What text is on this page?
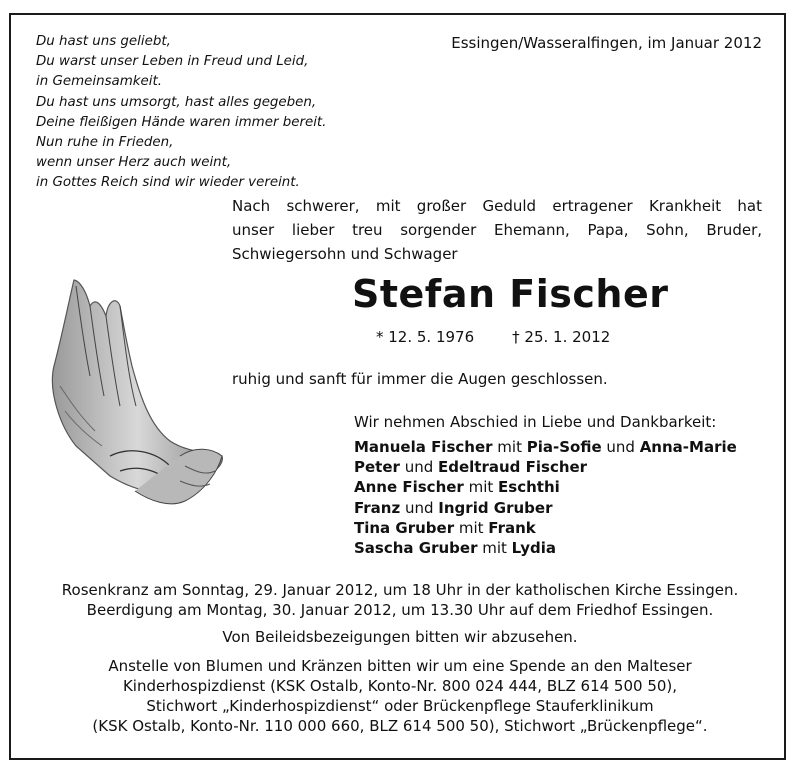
Du hast uns geliebt,
Du warst unser Leben in Freud und Leid,
in Gemeinsamkeit.
Du hast uns umsorgt, hast alles gegeben,
Deine fleißigen Hände waren immer bereit.
Nun ruhe in Frieden,
wenn unser Herz auch weint,
in Gottes Reich sind wir wieder vereint.
Essingen/Wasseralfingen, im Januar 2012
Nach schwerer, mit großer Geduld ertragener Krankheit hat
unser lieber treu sorgender Ehemann, Papa, Sohn, Bruder,
Schwiegersohn und Schwager
Stefan Fischer
* 12. 5. 1976	† 25. 1. 2012
ruhig und sanft für immer die Augen geschlossen.
Wir nehmen Abschied in Liebe und Dankbarkeit:
Manuela Fischer mit Pia-Sofie und Anna-Marie
Peter und Edeltraud Fischer
Anne Fischer mit Eschthi
Franz und Ingrid Gruber
Tina Gruber mit Frank
Sascha Gruber mit Lydia
Rosenkranz am Sonntag, 29. Januar 2012, um 18 Uhr in der katholischen Kirche Essingen.
Beerdigung am Montag, 30. Januar 2012, um 13.30 Uhr auf dem Friedhof Essingen.
Von Beileidsbezeigungen bitten wir abzusehen.
Anstelle von Blumen und Kränzen bitten wir um eine Spende an den Malteser
Kinderhospizdienst (KSK Ostalb, Konto-Nr. 800 024 444, BLZ 614 500 50),
Stichwort „Kinderhospizdienst“ oder Brückenpflege Stauferklinikum
(KSK Ostalb, Konto-Nr. 110 000 660, BLZ 614 500 50), Stichwort „Brückenpflege“.
